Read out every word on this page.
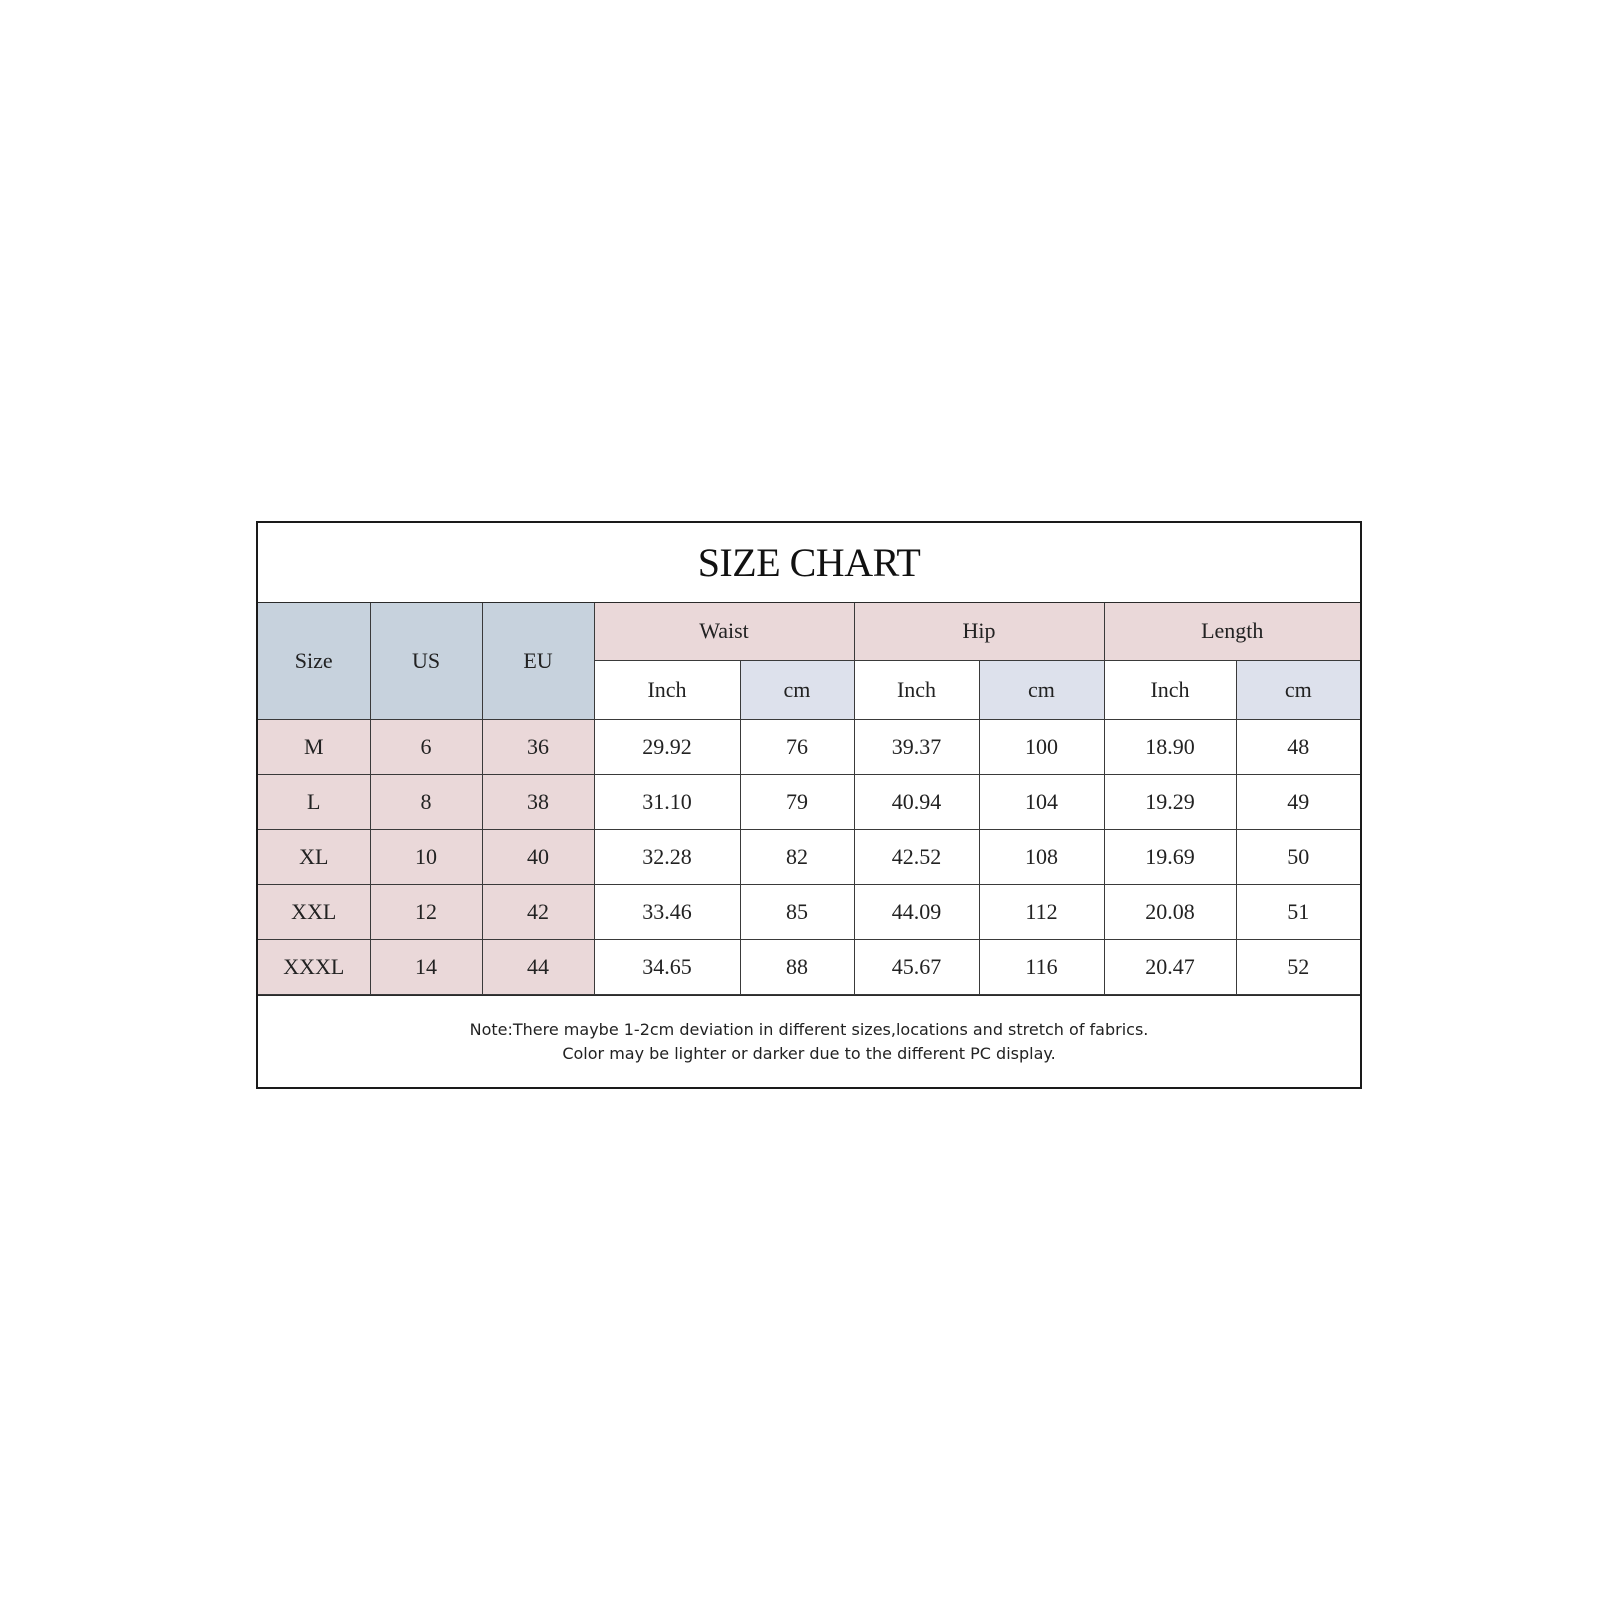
SIZE CHART
Size	US	EU	Waist		Hip		Length	
			Inch	cm	Inch	cm	Inch	cm
M	6	36	29.92	76	39.37	100	18.90	48
L	8	38	31.10	79	40.94	104	19.29	49
XL	10	40	32.28	82	42.52	108	19.69	50
XXL	12	42	33.46	85	44.09	112	20.08	51
XXXL	14	44	34.65	88	45.67	116	20.47	52
Note:There maybe 1-2cm deviation in different sizes,locations and stretch of fabrics.
Color may be lighter or darker due to the different PC display.
